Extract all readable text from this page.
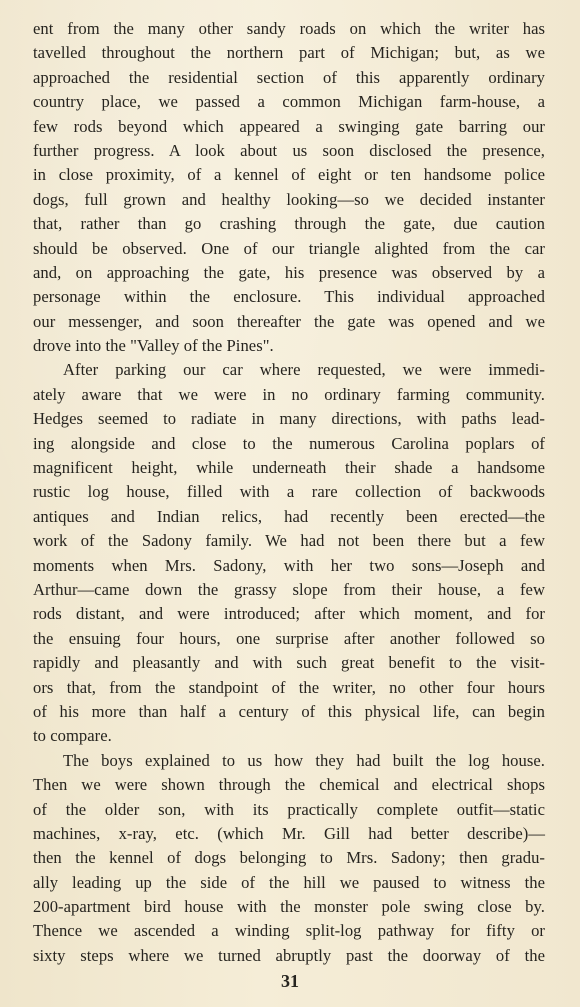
ent from the many other sandy roads on which the writer has
tavelled throughout the northern part of Michigan; but, as we
approached the residential section of this apparently ordinary
country place, we passed a common Michigan farm-house, a
few rods beyond which appeared a swinging gate barring our
further progress. A look about us soon disclosed the presence,
in close proximity, of a kennel of eight or ten handsome police
dogs, full grown and healthy looking—so we decided instanter
that, rather than go crashing through the gate, due caution
should be observed. One of our triangle alighted from the car
and, on approaching the gate, his presence was observed by a
personage within the enclosure. This individual approached
our messenger, and soon thereafter the gate was opened and we
drove into the "Valley of the Pines".
After parking our car where requested, we were immedi-
ately aware that we were in no ordinary farming community.
Hedges seemed to radiate in many directions, with paths lead-
ing alongside and close to the numerous Carolina poplars of
magnificent height, while underneath their shade a handsome
rustic log house, filled with a rare collection of backwoods
antiques and Indian relics, had recently been erected—the
work of the Sadony family. We had not been there but a few
moments when Mrs. Sadony, with her two sons—Joseph and
Arthur—came down the grassy slope from their house, a few
rods distant, and were introduced; after which moment, and for
the ensuing four hours, one surprise after another followed so
rapidly and pleasantly and with such great benefit to the visit-
ors that, from the standpoint of the writer, no other four hours
of his more than half a century of this physical life, can begin
to compare.
The boys explained to us how they had built the log house.
Then we were shown through the chemical and electrical shops
of the older son, with its practically complete outfit—static
machines, x-ray, etc. (which Mr. Gill had better describe)—
then the kennel of dogs belonging to Mrs. Sadony; then gradu-
ally leading up the side of the hill we paused to witness the
200-apartment bird house with the monster pole swing close by.
Thence we ascended a winding split-log pathway for fifty or
sixty steps where we turned abruptly past the doorway of the
31
